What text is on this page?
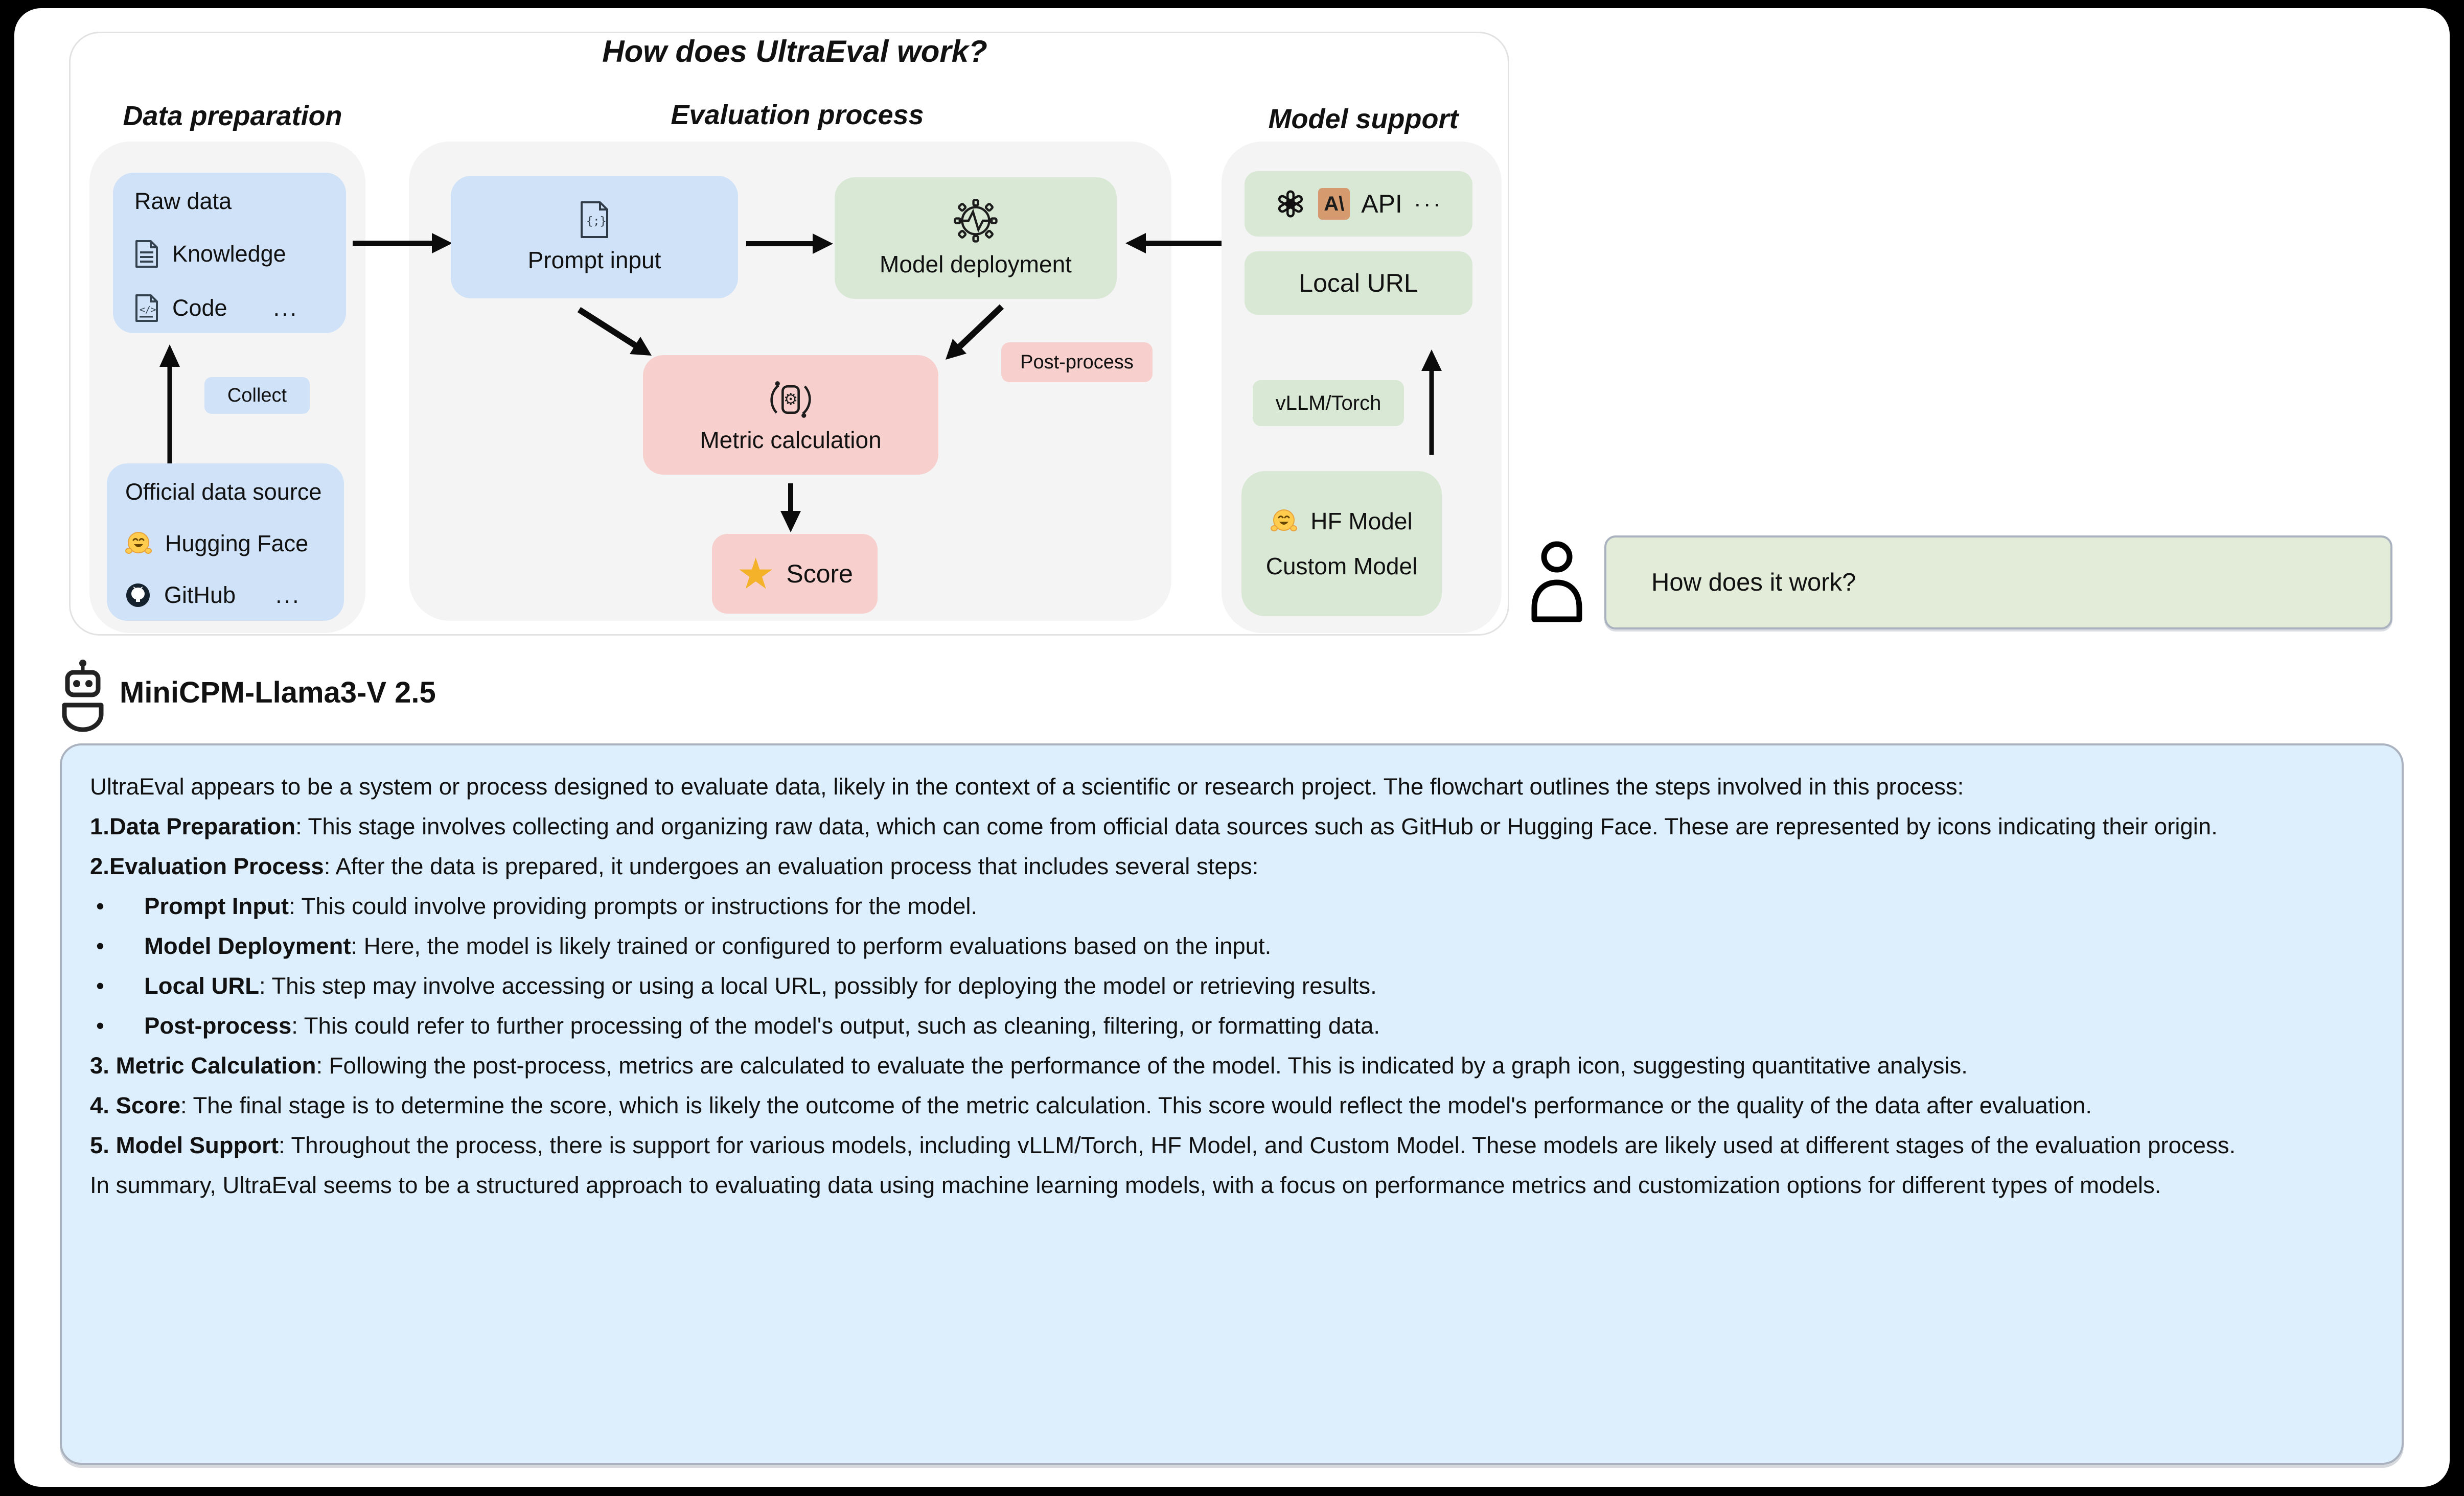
How does UltraEval work?
Data preparation	Evaluation process	Model support
Raw data
Knowledge
</> Code ...
Collect
Official data source
Hugging Face
GitHub ...
{;}
Prompt input	Model deployment
⚙
Metric calculation
Post-process
★ Score
A\ API ···
Local URL
vLLM/Torch
HF Model
Custom Model
How does it work?
MiniCPM-Llama3-V 2.5
UltraEval appears to be a system or process designed to evaluate data, likely in the context of a scientific or research project. The flowchart outlines the steps involved in this process:
1.Data Preparation: This stage involves collecting and organizing raw data, which can come from official data sources such as GitHub or Hugging Face. These are represented by icons indicating their origin.
2.Evaluation Process: After the data is prepared, it undergoes an evaluation process that includes several steps:
• Prompt Input: This could involve providing prompts or instructions for the model.
• Model Deployment: Here, the model is likely trained or configured to perform evaluations based on the input.
• Local URL: This step may involve accessing or using a local URL, possibly for deploying the model or retrieving results.
• Post-process: This could refer to further processing of the model's output, such as cleaning, filtering, or formatting data.
3. Metric Calculation: Following the post-process, metrics are calculated to evaluate the performance of the model. This is indicated by a graph icon, suggesting quantitative analysis.
4. Score: The final stage is to determine the score, which is likely the outcome of the metric calculation. This score would reflect the model's performance or the quality of the data after evaluation.
5. Model Support: Throughout the process, there is support for various models, including vLLM/Torch, HF Model, and Custom Model. These models are likely used at different stages of the evaluation process.
In summary, UltraEval seems to be a structured approach to evaluating data using machine learning models, with a focus on performance metrics and customization options for different types of models.
